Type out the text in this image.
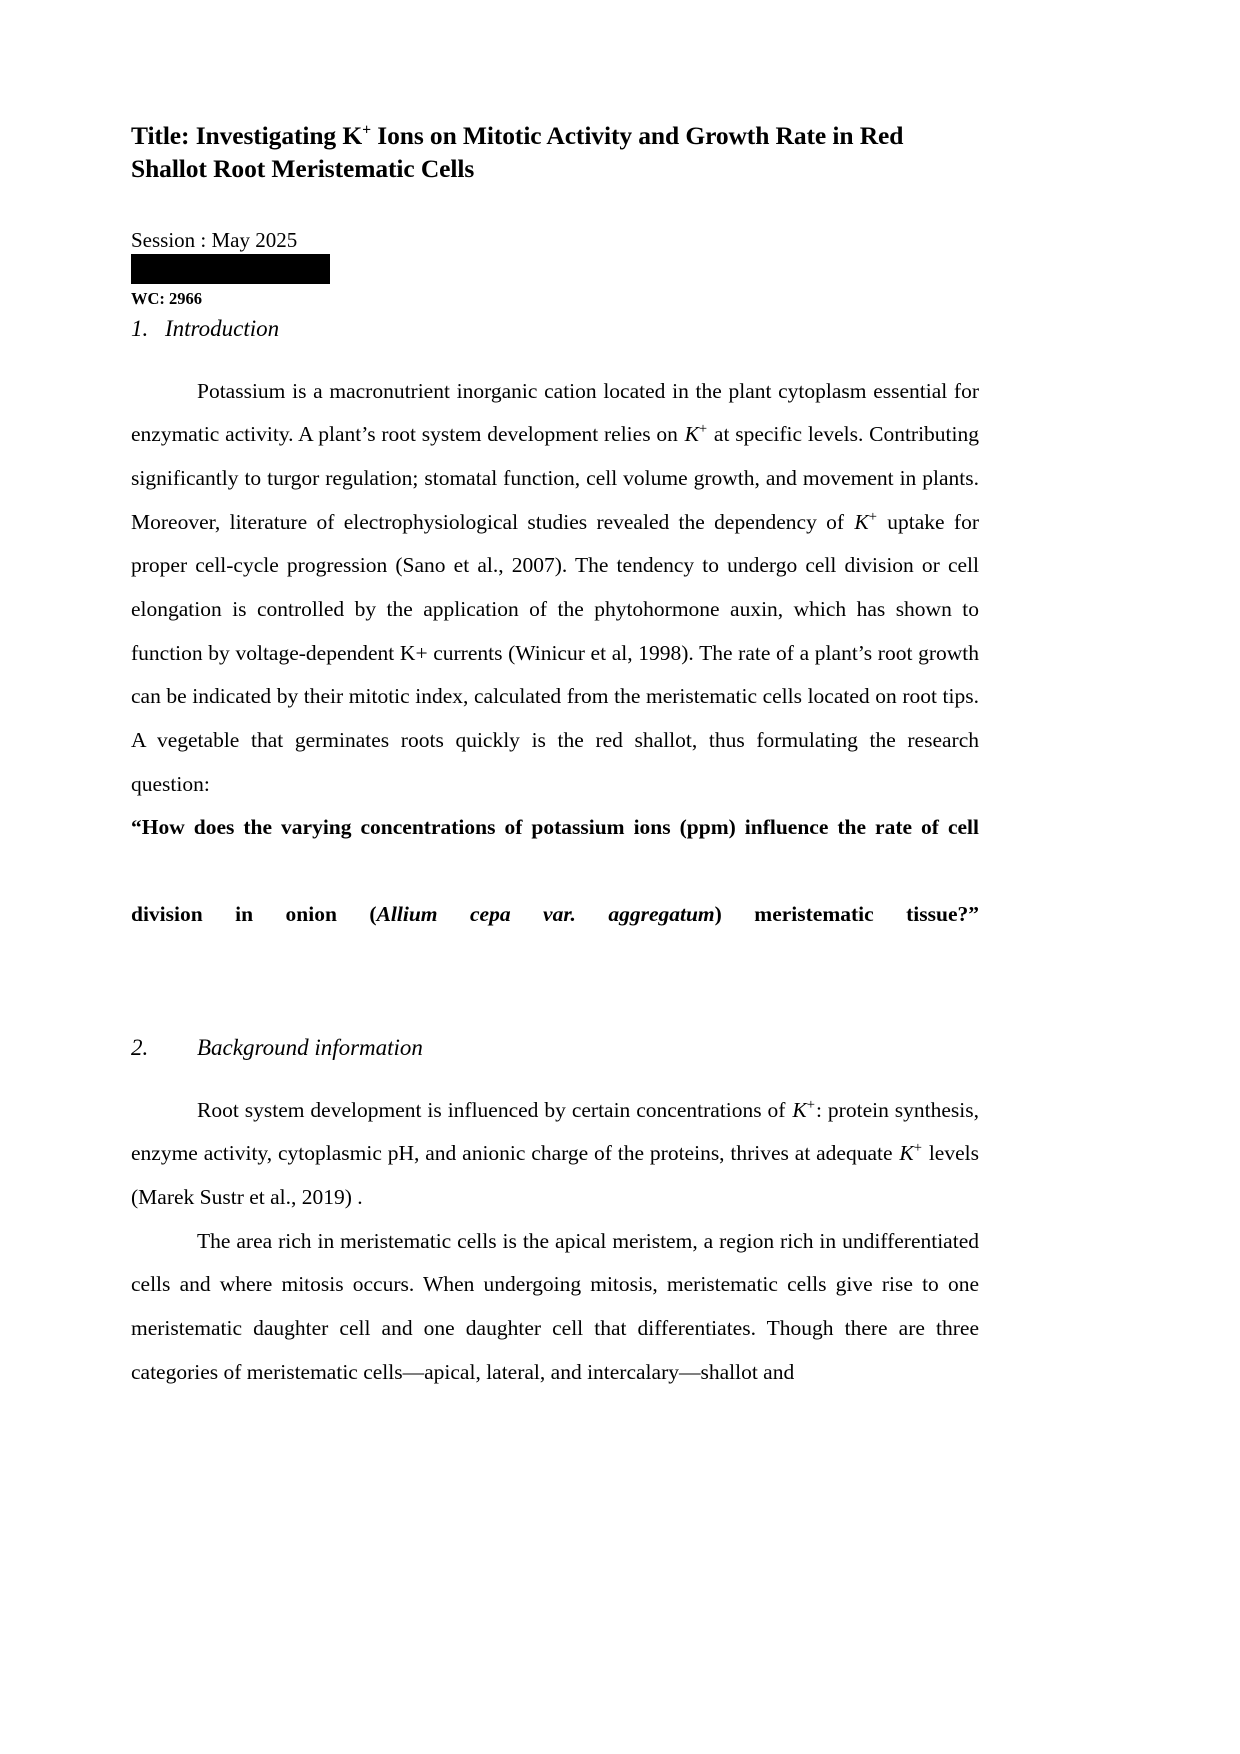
Title: Investigating K+ Ions on Mitotic Activity and Growth Rate in Red Shallot Root Meristematic Cells

Session : May 2025

WC: 2966

1. Introduction

Potassium is a macronutrient inorganic cation located in the plant cytoplasm essential for enzymatic activity. A plant’s root system development relies on K+ at specific levels. Contributing significantly to turgor regulation; stomatal function, cell volume growth, and movement in plants. Moreover, literature of electrophysiological studies revealed the dependency of K+ uptake for proper cell-cycle progression (Sano et al., 2007). The tendency to undergo cell division or cell elongation is controlled by the application of the phytohormone auxin, which has shown to function by voltage-dependent K+ currents (Winicur et al, 1998). The rate of a plant’s root growth can be indicated by their mitotic index, calculated from the meristematic cells located on root tips. A vegetable that germinates roots quickly is the red shallot, thus formulating the research question:

“How does the varying concentrations of potassium ions (ppm) influence the rate of cell
division in onion (Allium cepa var. aggregatum) meristematic tissue?”

2.	Background information

Root system development is influenced by certain concentrations of K+: protein synthesis, enzyme activity, cytoplasmic pH, and anionic charge of the proteins, thrives at adequate K+ levels (Marek Sustr et al., 2019) .

The area rich in meristematic cells is the apical meristem, a region rich in undifferentiated cells and where mitosis occurs. When undergoing mitosis, meristematic cells give rise to one meristematic daughter cell and one daughter cell that differentiates. Though there are three categories of meristematic cells—apical, lateral, and intercalary—shallot and
